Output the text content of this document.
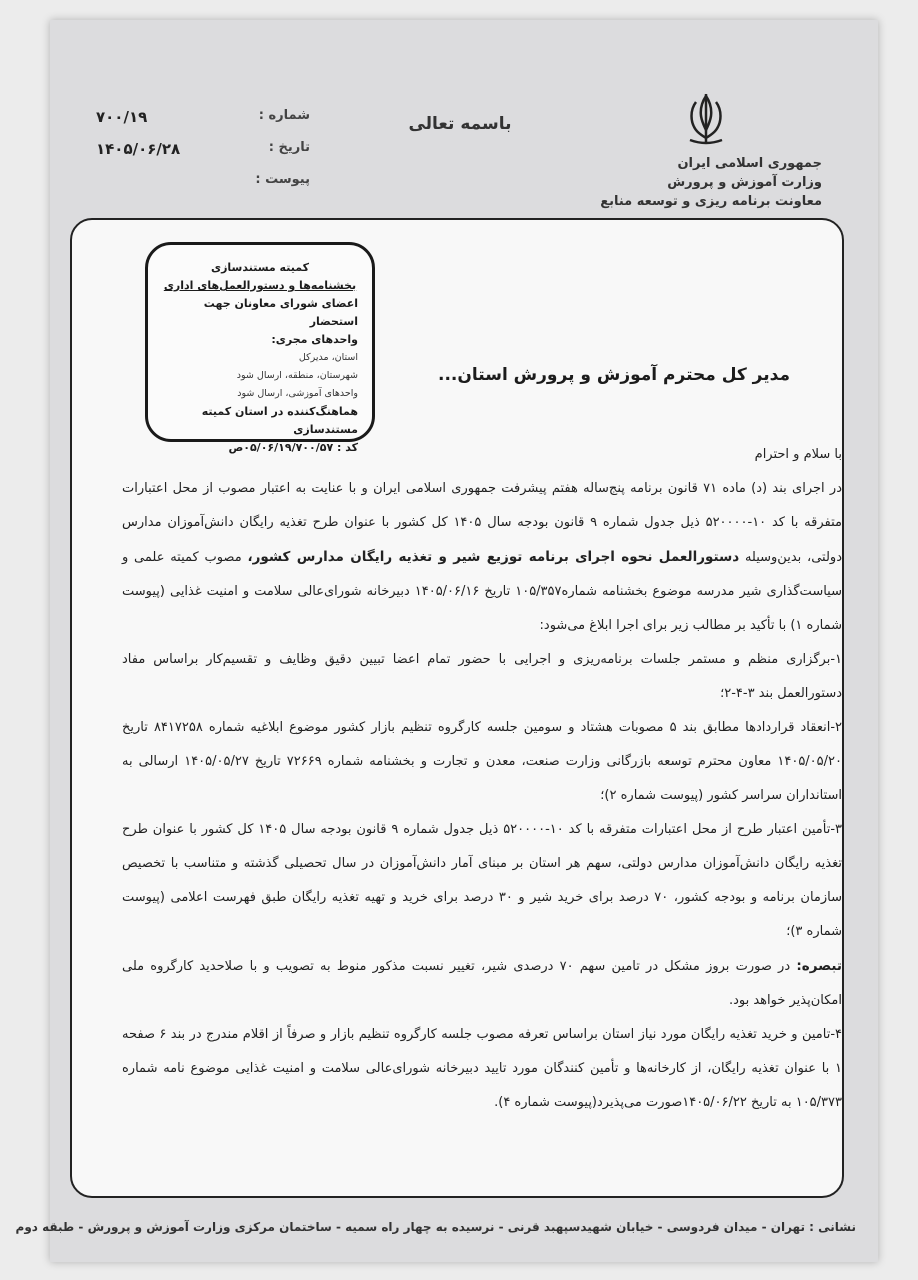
جمهوری اسلامی ایران
وزارت آموزش و پرورش
معاونت برنامه ریزی و توسعه منابع
باسمه تعالی
شماره :
۷۰۰/۱۹
تاریخ :
۱۴۰۵/۰۶/۲۸
پیوست :
کمیته مستندسازی
بخشنامه‌ها و دستورالعمل‌های اداری
اعضای شورای معاونان جهت استحضار
واحدهای مجری:
استان، مدیرکل
شهرستان، منطقه، ارسال شود
واحدهای آموزشی، ارسال شود
هماهنگ‌کننده در استان کمیته مستندسازی
کد : ۰۵/۰۶/۱۹/۷۰۰/۵۷ص
مدیر کل محترم آموزش و پرورش استان...

با سلام و احترام

در اجرای بند (د) ماده ۷۱ قانون برنامه پنج‌ساله هفتم پیشرفت جمهوری اسلامی ایران و با عنایت به اعتبار مصوب از محل اعتبارات متفرقه با کد ۱۰-۵۲۰۰۰۰ ذیل جدول شماره ۹ قانون بودجه سال ۱۴۰۵ کل کشور با عنوان طرح تغذیه رایگان دانش‌آموزان مدارس دولتی، بدین‌وسیله دستورالعمل نحوه اجرای برنامه توزیع شیر و تغذیه رایگان مدارس کشور، مصوب کمیته علمی و سیاست‌گذاری شیر مدرسه موضوع بخشنامه شماره۱۰۵/۳۵۷ تاریخ ۱۴۰۵/۰۶/۱۶ دبیرخانه شورای‌عالی سلامت و امنیت غذایی (پیوست شماره ۱) با تأکید بر مطالب زیر برای اجرا ابلاغ می‌شود:

۱-برگزاری منظم و مستمر جلسات برنامه‌ریزی و اجرایی با حضور تمام اعضا تبیین دقیق وظایف و تقسیم‌کار براساس مفاد دستورالعمل بند ۳-۴-۲؛

۲-انعقاد قراردادها مطابق بند ۵ مصوبات هشتاد و سومین جلسه کارگروه تنظیم بازار کشور موضوع ابلاغیه شماره ۸۴۱۷۲۵۸ تاریخ ۱۴۰۵/۰۵/۲۰ معاون محترم توسعه بازرگانی وزارت صنعت، معدن و تجارت و بخشنامه شماره ۷۲۶۶۹ تاریخ ۱۴۰۵/۰۵/۲۷ ارسالی به استانداران سراسر کشور (پیوست شماره ۲)؛

۳-تأمین اعتبار طرح از محل اعتبارات متفرقه با کد ۱۰-۵۲۰۰۰۰ ذیل جدول شماره ۹ قانون بودجه سال ۱۴۰۵ کل کشور با عنوان طرح تغذیه رایگان دانش‌آموزان مدارس دولتی، سهم هر استان بر مبنای آمار دانش‌آموزان در سال تحصیلی گذشته و متناسب با تخصیص سازمان برنامه و بودجه کشور، ۷۰ درصد برای خرید شیر و ۳۰ درصد برای خرید و تهیه تغذیه رایگان طبق فهرست اعلامی (پیوست شماره ۳)؛

تبصره: در صورت بروز مشکل در تامین سهم ۷۰ درصدی شیر، تغییر نسبت مذکور منوط به تصویب و با صلاحدید کارگروه ملی امکان‌پذیر خواهد بود.

۴-تامین و خرید تغذیه رایگان مورد نیاز استان براساس تعرفه مصوب جلسه کارگروه تنظیم بازار و صرفاً از اقلام مندرج در بند ۶ صفحه ۱ با عنوان تغذیه رایگان، از کارخانه‌ها و تأمین کنندگان مورد تایید دبیرخانه شورای‌عالی سلامت و امنیت غذایی موضوع نامه شماره ۱۰۵/۳۷۳ به تاریخ ۱۴۰۵/۰۶/۲۲صورت می‌پذیرد(پیوست شماره ۴).

نشانی : تهران - میدان فردوسی - خیابان شهیدسپهبد قرنی - نرسیده به چهار راه سمیه - ساختمان مرکزی وزارت آموزش و پرورش - طبقه دوم
